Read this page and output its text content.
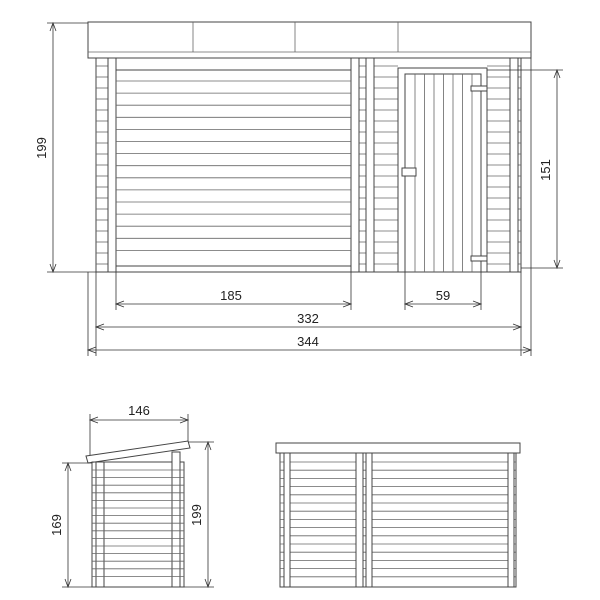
199
151
185	59
332
344
146
169	199
